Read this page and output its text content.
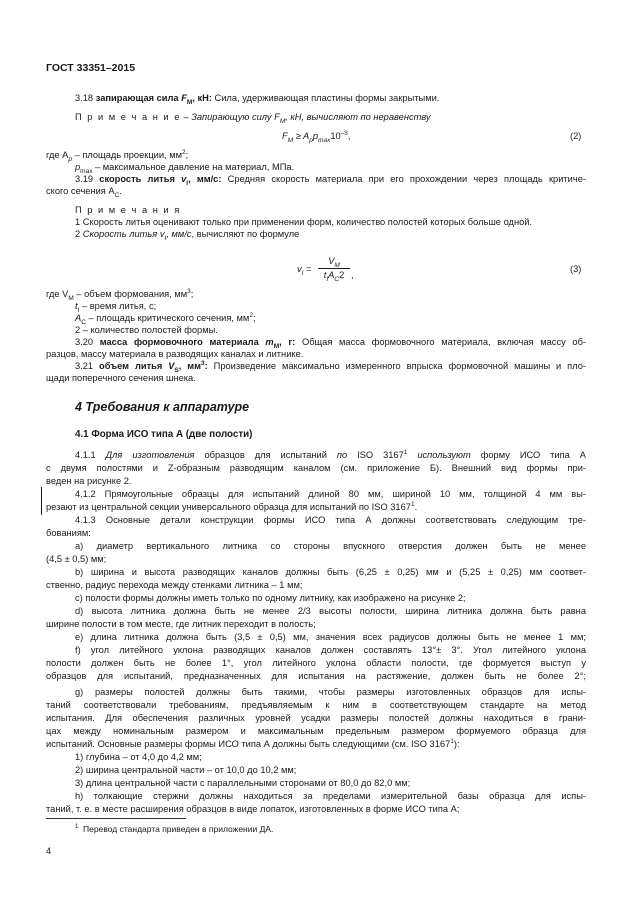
ГОСТ 33351–2015
3.18 запирающая сила $F_M$, кН: Сила, удерживающая пластины формы закрытыми.
П р и м е ч а н и е – Запирающую силу $F_M$, кН, вычисляют по неравенству
$F_M \ge A_pp_{max}10^{-3}$,	(2)
где $A_p$ – площадь проекции, $мм^2$;
$p_{max}$ – максимальное давление на материал, МПа.
3.19 скорость литья $v_I$, мм/с: Средняя скорость материала при его прохождении через площадь критиче-
ского сечения $A_C$.
П р и м е ч а н и я
1 Скорость литья оценивают только при применении форм, количество полостей которых больше одной.
2 Скорость литья $v_I$, мм/с, вычисляют по формуле
$v_I$ =
$V_M$
$t_IA_C2$ ,
(3)
где $V_M$ – объем формования, $мм^3$;
$t_I$ – время литья, с;
$A_C$ – площадь критического сечения, $мм^2$;
2 – количество полостей формы.
3.20 масса формовочного материала $m_M$, г: Общая масса формовочного материала, включая массу об-
разцов, массу материала в разводящих каналах и литнике.
3.21 объем литья $V_S$, $мм^3$: Произведение максимально измеренного впрыска формовочной машины и пло-
щади поперечного сечения шнека.
4 Требования к аппаратуре
4.1 Форма ИСО типа А (две полости)
4.1.1 Для изготовления образцов для испытаний по ISO 3167$^1$ используют форму ИСО типа А
с двумя полостями и Z-образным разводящим каналом (см. приложение Б). Внешний вид формы при-
веден на рисунке 2.
4.1.2 Прямоугольные образцы для испытаний длиной 80 мм, шириной 10 мм, толщиной 4 мм вы-
резают из центральной секции универсального образца для испытаний по ISO 3167$^1$.
4.1.3 Основные детали конструкции формы ИСО типа А должны соответствовать следующим тре-
бованиям:
a) диаметр вертикального литника со стороны впускного отверстия должен быть не менее
(4,5 ± 0,5) мм;
b) ширина и высота разводящих каналов должны быть (6,25 ± 0,25) мм и (5,25 ± 0,25) мм соответ-
ственно, радиус перехода между стенками литника – 1 мм;
c) полости формы должны иметь только по одному литнику, как изображено на рисунке 2;
d) высота литника должна быть не менее 2/3 высоты полости, ширина литника должна быть равна
ширине полости в том месте, где литник переходит в полость;
e) длина литника должна быть (3,5 ± 0,5) мм, значения всех радиусов должны быть не менее 1 мм;
f) угол литейного уклона разводящих каналов должен составлять 13°± 3°. Угол литейного уклона
полости должен быть не более 1°, угол литейного уклона области полости, где формуется выступ у
образцов для испытаний, предназначенных для испытания на растяжение, должен быть не более 2°;
g) размеры полостей должны быть такими, чтобы размеры изготовленных образцов для испы-
таний соответствовали требованиям, предъявляемым к ним в соответствующем стандарте на метод
испытания. Для обеспечения различных уровней усадки размеры полостей должны находиться в грани-
цах между номинальным размером и максимальным предельным размером формуемого образца для
испытаний. Основные размеры формы ИСО типа А должны быть следующими (см. ISO 3167$^1$):
1) глубина – от 4,0 до 4,2 мм;
2) ширина центральной части – от 10,0 до 10,2 мм;
3) длина центральной части с параллельными сторонами от 80,0 до 82,0 мм;
h) толкающие стержни должны находиться за пределами измерительной базы образца для испы-
таний, т. е. в месте расширения образцов в виде лопаток, изготовленных в форме ИСО типа А;
$^1$ Перевод стандарта приведен в приложении ДА.
4
